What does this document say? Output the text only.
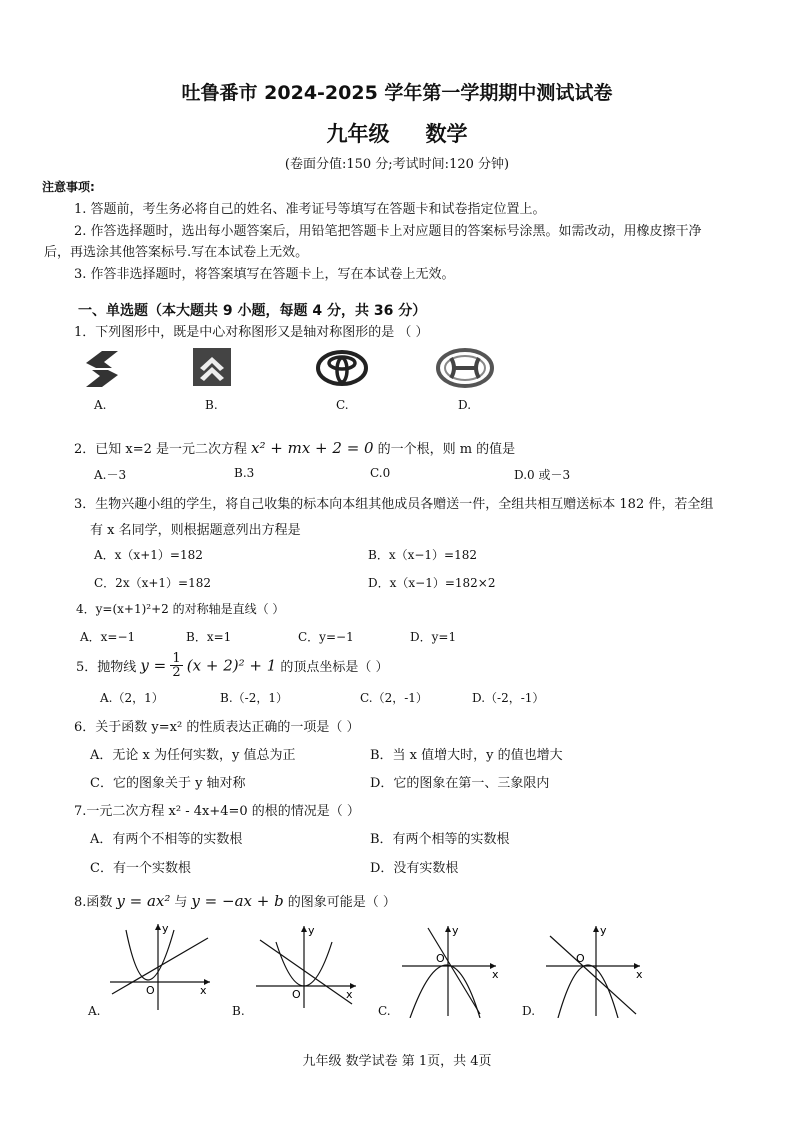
吐鲁番市 2024-2025 学年第一学期期中测试试卷
九年级 数学
(卷面分值:150 分;考试时间:120 分钟)
注意事项:
1. 答题前，考生务必将自己的姓名、准考证号等填写在答题卡和试卷指定位置上。
2. 作答选择题时，选出每小题答案后，用铅笔把答题卡上对应题目的答案标号涂黑。如需改动，用橡皮擦干净
后，再选涂其他答案标号.写在本试卷上无效。
3. 作答非选择题时，将答案填写在答题卡上，写在本试卷上无效。
一、单选题（本大题共 9 小题，每题 4 分，共 36 分）
1．下列图形中，既是中心对称图形又是轴对称图形的是 （ ）
A.	B.	C.	D.
2．已知 x=2 是一元二次方程 x² + mx + 2 = 0 的一个根，则 m 的值是
A.－3	B.3	C.0	D.0 或－3
3．生物兴趣小组的学生，将自己收集的标本向本组其他成员各赠送一件，全组共相互赠送标本 182 件，若全组
有 x 名同学，则根据题意列出方程是
A．x（x+1）=182	B．x（x−1）=182
C．2x（x+1）=182	D．x（x−1）=182×2
4．y=(x+1)²+2 的对称轴是直线（ ）
A．x=−1	B．x=1	C．y=−1	D．y=1
5．抛物线 $y = \frac{1}{2} (x + 2)^2 + 1$ 的顶点坐标是（ ）
A.（2，1）	B.（-2，1）	C.（2，-1）	D.（-2，-1）
6．关于函数 y=x² 的性质表达正确的一项是（ ）
A．无论 x 为任何实数，y 值总为正	B．当 x 值增大时，y 的值也增大
C．它的图象关于 y 轴对称	D．它的图象在第一、三象限内
7.一元二次方程 x² - 4x+4=0 的根的情况是（ ）
A．有两个不相等的实数根	B．有两个相等的实数根
C．有一个实数根	D．没有实数根
8.函数 y = ax² 与 y = −ax + b 的图象可能是（ ）
y
x
O
y
x
O
y
x
O
y
x
O
A.	B.	C.	D.
九年级 数学试卷 第 1页，共 4页
